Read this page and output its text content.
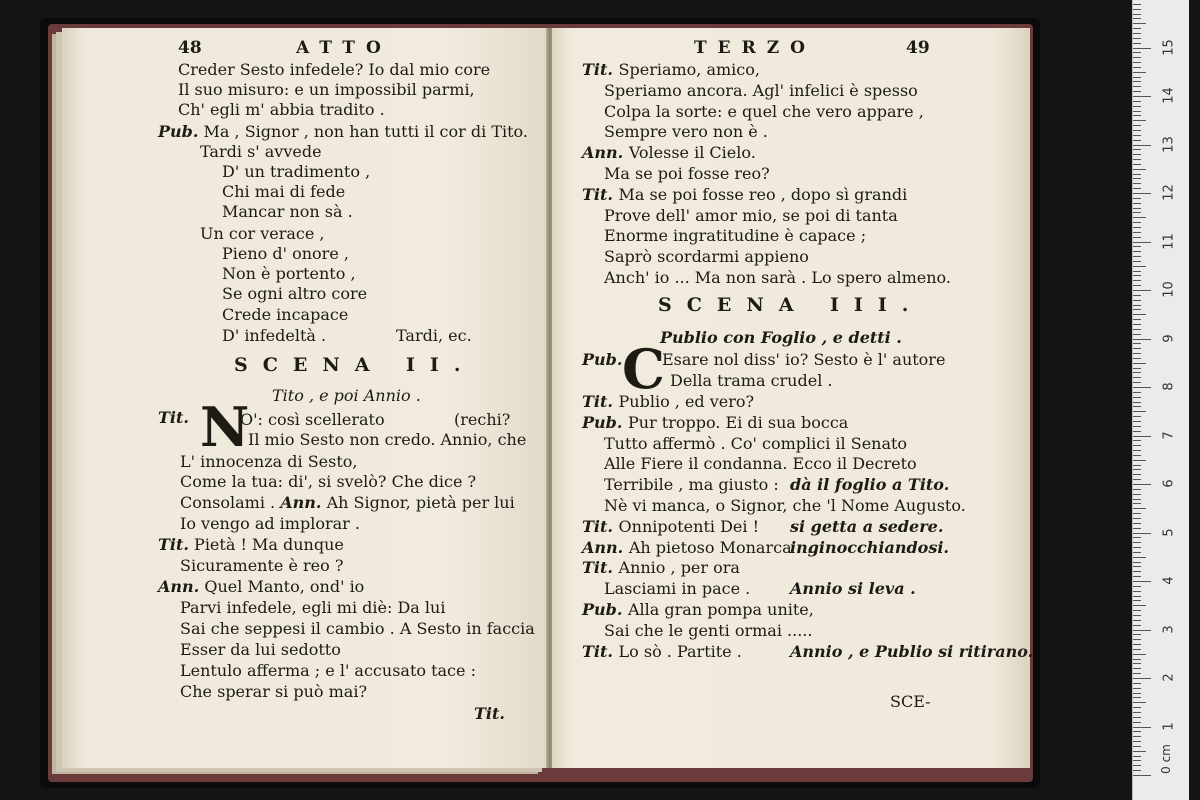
48	ATTO
Creder Sesto infedele? Io dal mio core
Il suo misuro: e un impossibil parmi,
Ch' egli m' abbia tradito .
Pub. Ma , Signor , non han tutti il cor di Tito.
Tardi s' avvede
D' un tradimento ,
Chi mai di fede
Mancar non sà .
Un cor verace ,
Pieno d' onore ,
Non è portento ,
Se ogni altro core
Crede incapace
D' infedeltà .	Tardi, ec.
SCENA II.
Tito , e poi Annio .
Tit. N
O': così scellerato	(rechi?
Il mio Sesto non credo. Annio, che
L' innocenza di Sesto,
Come la tua: di', si svelò? Che dice ?
Consolami . Ann. Ah Signor, pietà per lui
Io vengo ad implorar .
Tit. Pietà ! Ma dunque
Sicuramente è reo ?
Ann. Quel Manto, ond' io
Parvi infedele, egli mi diè: Da lui
Sai che seppesi il cambio . A Sesto in faccia
Esser da lui sedotto
Lentulo afferma ; e l' accusato tace :
Che sperar si può mai?
Tit.
TERZO	49
SCENA III.
Publio con Foglio , e detti .
Pub. C
Esare nol diss' io? Sesto è l' autore
Della trama crudel .
SCE-
Tit. Speriamo, amico,
Speriamo ancora. Agl' infelici è spesso
Colpa la sorte: e quel che vero appare ,
Sempre vero non è .
Ann. Volesse il Cielo.
Ma se poi fosse reo?
Tit. Ma se poi fosse reo , dopo sì grandi
Prove dell' amor mio, se poi di tanta
Enorme ingratitudine è capace ;
Saprò scordarmi appieno
Anch' io ... Ma non sarà . Lo spero almeno.
Tit. Publio , ed vero?
Pub. Pur troppo. Ei di sua bocca
Tutto affermò . Co' complici il Senato
Alle Fiere il condanna. Ecco il Decreto
Terribile , ma giusto : dà il foglio a Tito.
Nè vi manca, o Signor, che 'l Nome Augusto.
Tit. Onnipotenti Dei ! si getta a sedere.
Ann. Ah pietoso Monarca ....
inginocchiandosi.
Tit. Annio , per ora
Lasciami in pace . Annio si leva .
Pub. Alla gran pompa unite,
Sai che le genti ormai .....
Tit. Lo sò . Partite .	Annio , e Publio si ritirano.
0 cm
1
2
3
4
5
6
7
8
9
10
11
12
13
14
15
